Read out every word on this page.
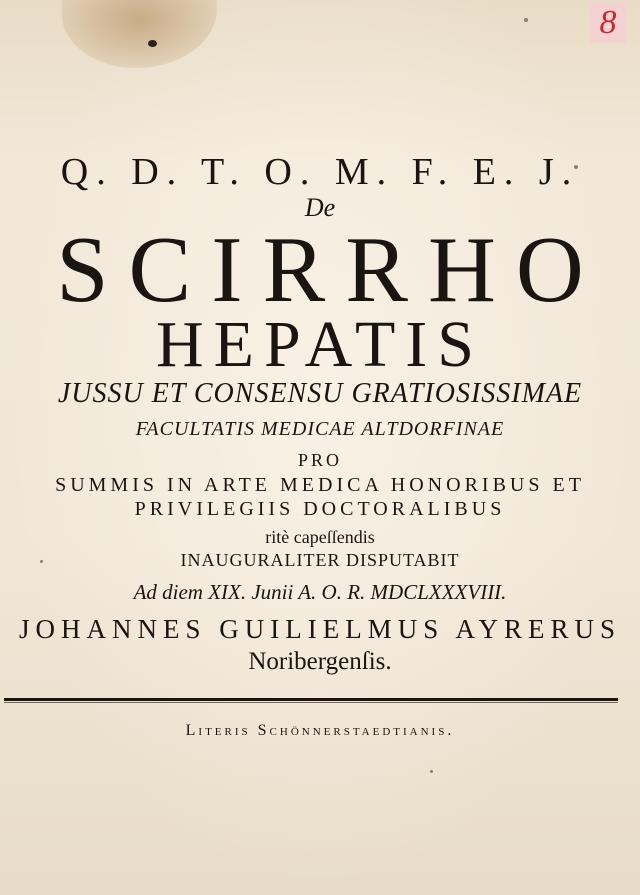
8

Q. D. T. O. M. F. E. J.

De

SCIRRHO

HEPATIS

JUSSU ET CONSENSU GRATIOSISSIMAE

FACULTATIS MEDICAE ALTDORFINAE

PRO

SUMMIS IN ARTE MEDICA HONORIBUS ET

PRIVILEGIIS DOCTORALIBUS

ritè capeſſendis

INAUGURALITER DISPUTABIT

Ad diem XIX. Junii A. O. R. MDCLXXXVIII.

JOHANNES GUILIELMUS AYRERUS

Noribergenſis.

Literis Schönnerstaedtianis.
